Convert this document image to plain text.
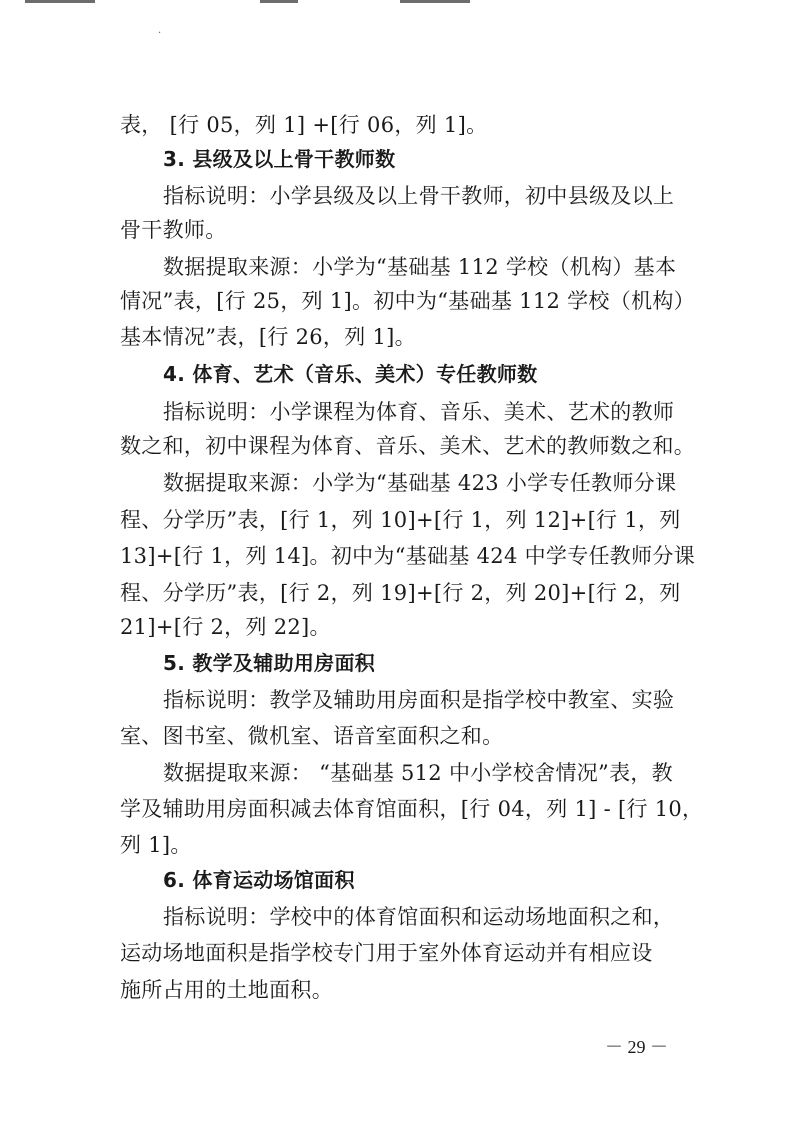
·
表， [行 05，列 1] +[行 06，列 1]。
3. 县级及以上骨干教师数
指标说明：小学县级及以上骨干教师，初中县级及以上
骨干教师。
数据提取来源：小学为“基础基 112 学校（机构）基本
情况”表，[行 25，列 1]。初中为“基础基 112 学校（机构）
基本情况”表，[行 26，列 1]。
4. 体育、艺术（音乐、美术）专任教师数
指标说明：小学课程为体育、音乐、美术、艺术的教师
数之和，初中课程为体育、音乐、美术、艺术的教师数之和。
数据提取来源：小学为“基础基 423 小学专任教师分课
程、分学历”表，[行 1，列 10]+[行 1，列 12]+[行 1，列
13]+[行 1，列 14]。初中为“基础基 424 中学专任教师分课
程、分学历”表，[行 2，列 19]+[行 2，列 20]+[行 2，列
21]+[行 2，列 22]。
5. 教学及辅助用房面积
指标说明：教学及辅助用房面积是指学校中教室、实验
室、图书室、微机室、语音室面积之和。
数据提取来源： “基础基 512 中小学校舍情况”表，教
学及辅助用房面积减去体育馆面积，[行 04，列 1] - [行 10，
列 1]。
6. 体育运动场馆面积
指标说明：学校中的体育馆面积和运动场地面积之和，
运动场地面积是指学校专门用于室外体育运动并有相应设
施所占用的土地面积。
－ 29 －
